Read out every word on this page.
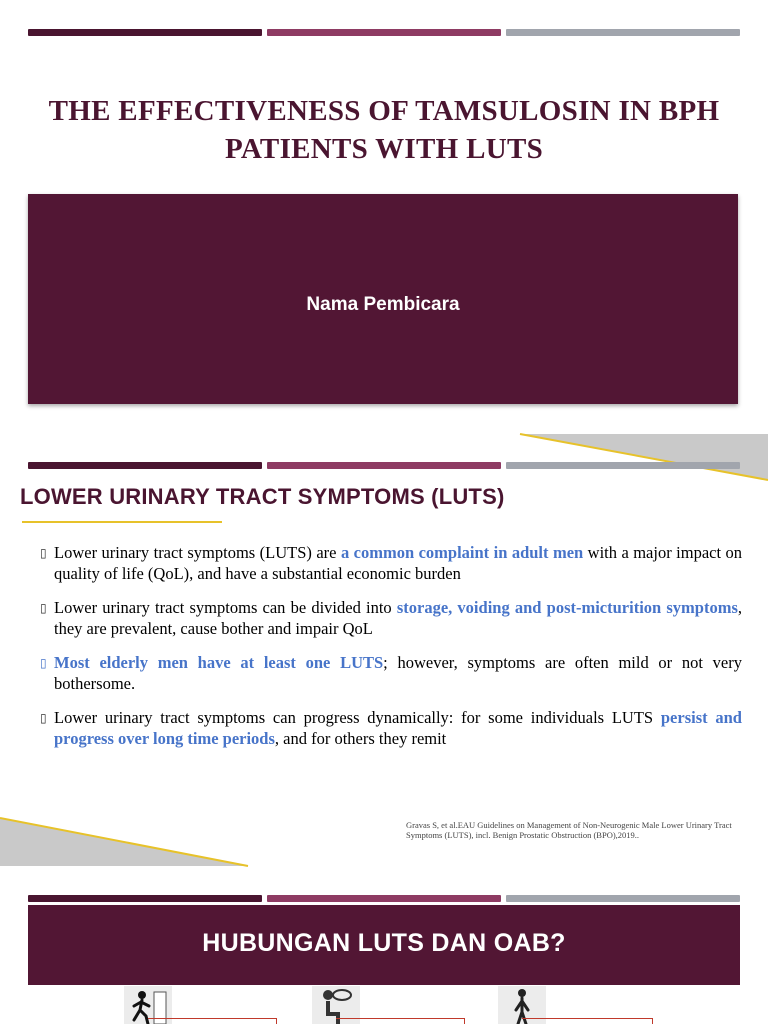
THE EFFECTIVENESS OF TAMSULOSIN IN BPH PATIENTS WITH LUTS
Nama Pembicara
LOWER URINARY TRACT SYMPTOMS (LUTS)
▯ Lower urinary tract symptoms (LUTS) are a common complaint in adult men with a major impact on quality of life (QoL), and have a substantial economic burden
▯ Lower urinary tract symptoms can be divided into storage, voiding and post-micturition symptoms, they are prevalent, cause bother and impair QoL
▯ Most elderly men have at least one LUTS; however, symptoms are often mild or not very bothersome.
▯ Lower urinary tract symptoms can progress dynamically: for some individuals LUTS persist and progress over long time periods, and for others they remit
Gravas S, et al.EAU Guidelines on Management of Non-Neurogenic Male Lower Urinary Tract Symptoms (LUTS), incl. Benign Prostatic Obstruction (BPO),2019..
HUBUNGAN LUTS DAN OAB?
